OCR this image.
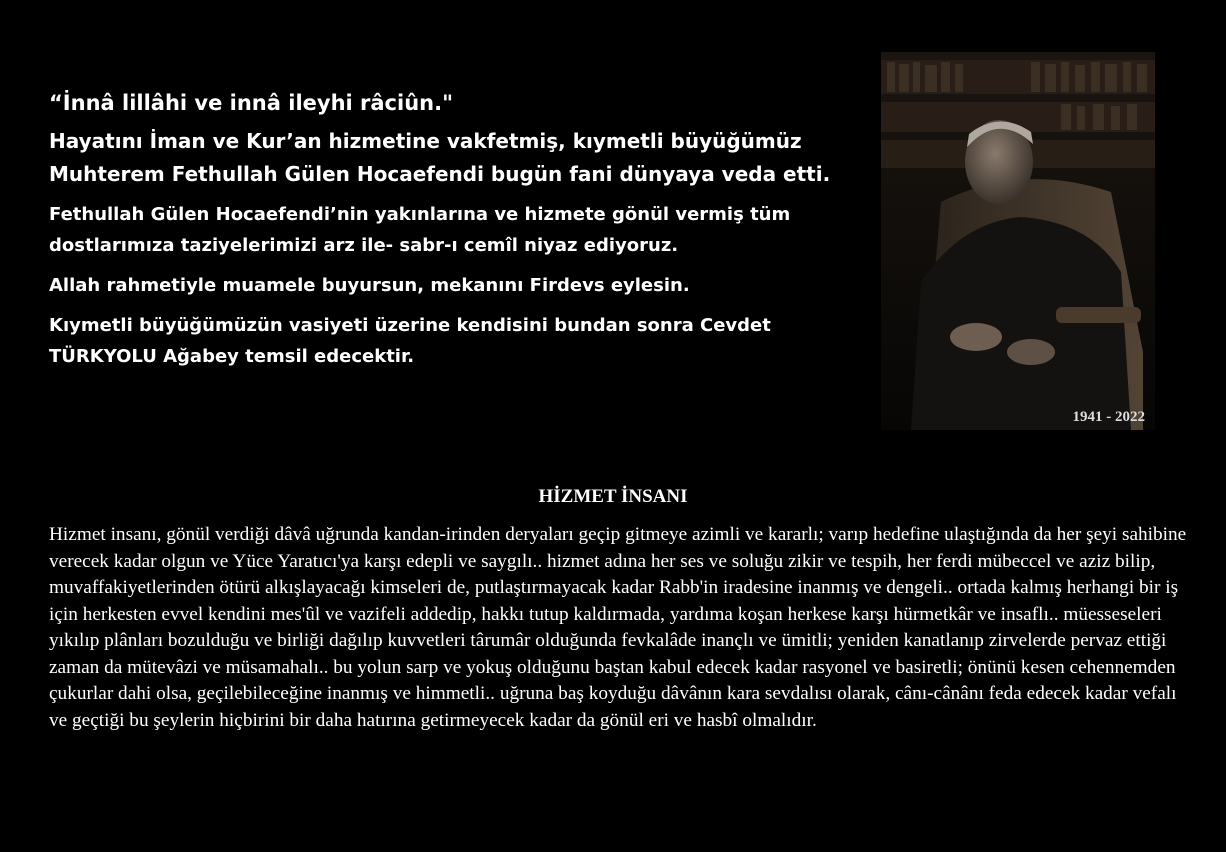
“İnnâ lillâhi ve innâ ileyhi râciûn."
Hayatını İman ve Kur’an hizmetine vakfetmiş, kıymetli büyüğümüz
Muhterem Fethullah Gülen Hocaefendi bugün fani dünyaya veda etti.
Fethullah Gülen Hocaefendi’nin yakınlarına ve hizmete gönül vermiş tüm
dostlarımıza taziyelerimizi arz ile- sabr-ı cemîl niyaz ediyoruz.
Allah rahmetiyle muamele buyursun, mekanını Firdevs eylesin.
Kıymetli büyüğümüzün vasiyeti üzerine kendisini bundan sonra Cevdet
TÜRKYOLU Ağabey temsil edecektir.
1941 - 2022
HİZMET İNSANI

Hizmet insanı, gönül verdiği dâvâ uğrunda kandan-irinden deryaları geçip gitmeye azimli ve kararlı; varıp hedefine ulaştığında da her şeyi sahibine verecek kadar olgun ve Yüce Yaratıcı'ya karşı edepli ve saygılı.. hizmet adına her ses ve soluğu zikir ve tespih, her ferdi mübeccel ve aziz bilip, muvaffakiyetlerinden ötürü alkışlayacağı kimseleri de, putlaştırmayacak kadar Rabb'in iradesine inanmış ve dengeli.. ortada kalmış herhangi bir iş için herkesten evvel kendini mes'ûl ve vazifeli addedip, hakkı tutup kaldırmada, yardıma koşan herkese karşı hürmetkâr ve insaflı.. müesseseleri yıkılıp plânları bozulduğu ve birliği dağılıp kuvvetleri târumâr olduğunda fevkalâde inançlı ve ümitli; yeniden kanatlanıp zirvelerde pervaz ettiği zaman da mütevâzi ve müsamahalı.. bu yolun sarp ve yokuş olduğunu baştan kabul edecek kadar rasyonel ve basiretli; önünü kesen cehennemden çukurlar dahi olsa, geçilebileceğine inanmış ve himmetli.. uğruna baş koyduğu dâvânın kara sevdalısı olarak, cânı-cânânı feda edecek kadar vefalı ve geçtiği bu şeylerin hiçbirini bir daha hatırına getirmeyecek kadar da gönül eri ve hasbî olmalıdır.
